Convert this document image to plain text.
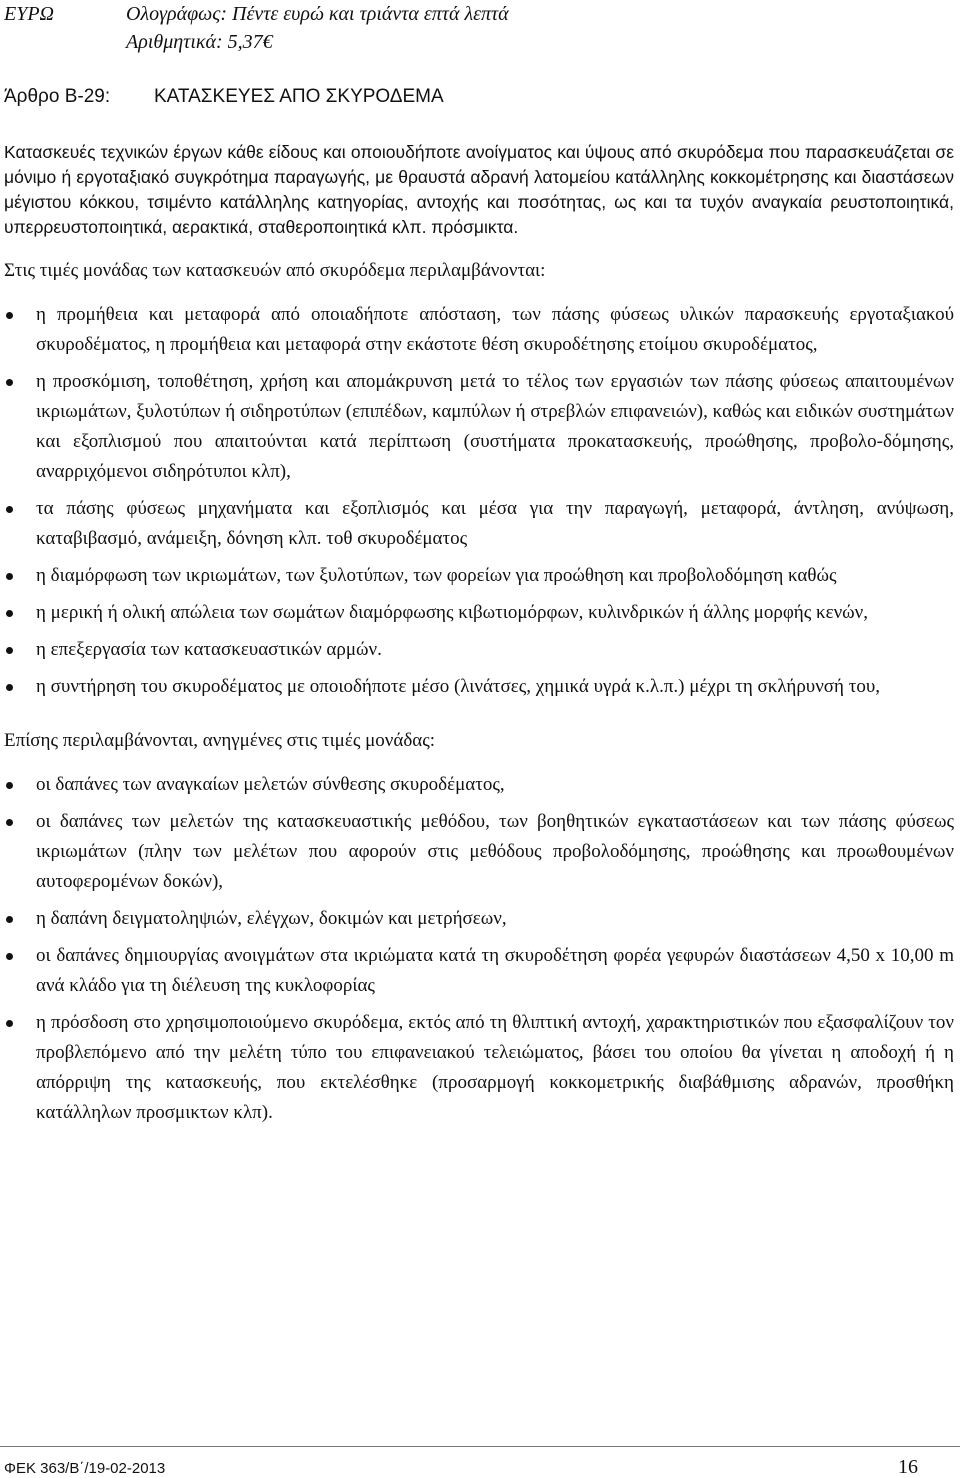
ΕΥΡΩ	Ολογράφως: Πέντε ευρώ και τριάντα επτά λεπτά
Αριθμητικά: 5,37€
Άρθρο Β-29: ΚΑΤΑΣΚΕΥΕΣ ΑΠΟ ΣΚΥΡΟΔΕΜΑ

Κατασκευές τεχνικών έργων κάθε είδους και οποιουδήποτε ανοίγματος και ύψους από σκυρόδεμα που παρασκευάζεται σε μόνιμο ή εργοταξιακό συγκρότημα παραγωγής, με θραυστά αδρανή λατομείου κατάλληλης κοκκομέτρησης και διαστάσεων μέγιστου κόκκου, τσιμέντο κατάλληλης κατηγορίας, αντοχής και ποσότητας, ως και τα τυχόν αναγκαία ρευστοποιητικά, υπερρευστοποιητικά, αερακτικά, σταθεροποιητικά κλπ. πρόσμικτα.

Στις τιμές μονάδας των κατασκευών από σκυρόδεμα περιλαμβάνονται:

η προμήθεια και μεταφορά από οποιαδήποτε απόσταση, των πάσης φύσεως υλικών παρασκευής εργοταξιακού σκυροδέματος, η προμήθεια και μεταφορά στην εκάστοτε θέση σκυροδέτησης ετοίμου σκυροδέματος,
η προσκόμιση, τοποθέτηση, χρήση και απομάκρυνση μετά το τέλος των εργασιών των πάσης φύσεως απαιτουμένων ικριωμάτων, ξυλοτύπων ή σιδηροτύπων (επιπέδων, καμπύλων ή στρεβλών επιφανειών), καθώς και ειδικών συστημάτων και εξοπλισμού που απαιτούνται κατά περίπτωση (συστήματα προκατασκευής, προώθησης, προβολο-δόμησης, αναρριχόμενοι σιδηρότυποι κλπ),
τα πάσης φύσεως μηχανήματα και εξοπλισμός και μέσα για την παραγωγή, μεταφορά, άντληση, ανύψωση, καταβιβασμό, ανάμειξη, δόνηση κλπ. τοθ σκυροδέματος
η διαμόρφωση των ικριωμάτων, των ξυλοτύπων, των φορείων για προώθηση και προβολοδόμηση καθώς
η μερική ή ολική απώλεια των σωμάτων διαμόρφωσης κιβωτιομόρφων, κυλινδρικών ή άλλης μορφής κενών,
η επεξεργασία των κατασκευαστικών αρμών.
η συντήρηση του σκυροδέματος με οποιοδήποτε μέσο (λινάτσες, χημικά υγρά κ.λ.π.) μέχρι τη σκλήρυνσή του,

Επίσης περιλαμβάνονται, ανηγμένες στις τιμές μονάδας:

οι δαπάνες των αναγκαίων μελετών σύνθεσης σκυροδέματος,
οι δαπάνες των μελετών της κατασκευαστικής μεθόδου, των βοηθητικών εγκαταστάσεων και των πάσης φύσεως ικριωμάτων (πλην των μελέτων που αφορούν στις μεθόδους προβολοδόμησης, προώθησης και προωθουμένων αυτοφερομένων δοκών),
η δαπάνη δειγματοληψιών, ελέγχων, δοκιμών και μετρήσεων,
οι δαπάνες δημιουργίας ανοιγμάτων στα ικριώματα κατά τη σκυροδέτηση φορέα γεφυρών διαστάσεων 4,50 x 10,00 m ανά κλάδο για τη διέλευση της κυκλοφορίας
η πρόσδοση στο χρησιμοποιούμενο σκυρόδεμα, εκτός από τη θλιπτική αντοχή, χαρακτηριστικών που εξασφαλίζουν τον προβλεπόμενο από την μελέτη τύπο του επιφανειακού τελειώματος, βάσει του οποίου θα γίνεται η αποδοχή ή η απόρριψη της κατασκευής, που εκτελέσθηκε (προσαρμογή κοκκομετρικής διαβάθμισης αδρανών, προσθήκη κατάλληλων προσμικτων κλπ).
ΦΕΚ 363/Β΄/19-02-2013	16
